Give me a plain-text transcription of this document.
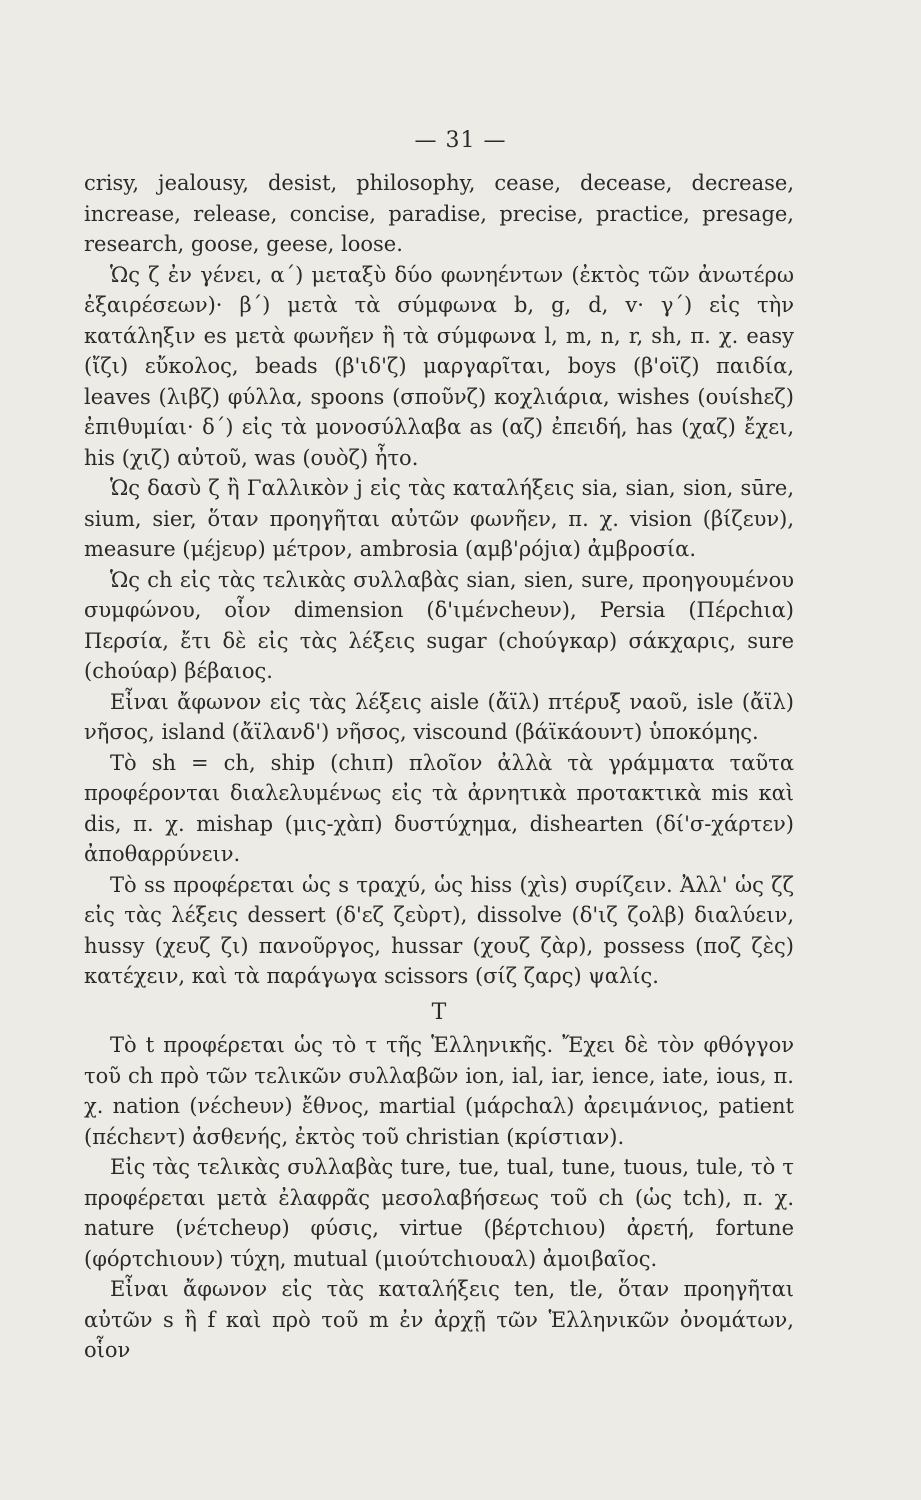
— 31 —

crisy, jealousy, desist, philosophy, cease, decease, decrease, increase, release, concise, paradise, precise, practice, presage, research, goose, geese, loose.

Ὡς ζ ἐν γένει, α΄) μεταξὺ δύο φωνηέντων (ἐκτὸς τῶν ἀνωτέρω ἐξαιρέσεων)· β΄) μετὰ τὰ σύμφωνα b, g, d, v· γ΄) εἰς τὴν κατάληξιν es μετὰ φωνῆεν ἢ τὰ σύμφωνα l, m, n, r, sh, π. χ. easy (ἴζι) εὔκολος, beads (β'ιδ'ζ) μαργαρῖται, boys (β'οϊζ) παιδία, leaves (λιβζ) φύλλα, spoons (σποῦνζ) κοχλιάρια, wishes (ουίshεζ) ἐπιθυμίαι· δ΄) εἰς τὰ μονοσύλλαβα as (αζ) ἐπειδή, has (χαζ) ἔχει, his (χιζ) αὐτοῦ, was (ουὸζ) ἦτο.

Ὡς δασὺ ζ ἢ Γαλλικὸν j εἰς τὰς καταλήξεις sia, sian, sion, sūre, sium, sier, ὅταν προηγῆται αὐτῶν φωνῆεν, π. χ. vision (βίζευν), measure (μέjευρ) μέτρον, ambrosia (αμβ'ρόjια) ἀμβροσία.

Ὡς ch εἰς τὰς τελικὰς συλλαβὰς sian, sien, sure, προηγουμένου συμφώνου, οἷον dimension (δ'ιμένcheυν), Persia (Πέρchια) Περσία, ἔτι δὲ εἰς τὰς λέξεις sugar (choύγκαρ) σάκχαρις, sure (choύαρ) βέβαιος.

Εἶναι ἄφωνον εἰς τὰς λέξεις aisle (ἄϊλ) πτέρυξ ναοῦ, isle (ἄϊλ) νῆσος, island (ἄϊλανδ') νῆσος, viscound (βάϊκάουντ) ὑποκόμης.

Τὸ sh = ch, ship (chιπ) πλοῖον ἀλλὰ τὰ γράμματα ταῦτα προφέρονται διαλελυμένως εἰς τὰ ἀρνητικὰ προτακτικὰ mis καὶ dis, π. χ. mishap (μις-χὰπ) δυστύχημα, dishearten (δί'σ-χάρτεν) ἀποθαρρύνειν.

Τὸ ss προφέρεται ὡς s τραχύ, ὡς hiss (χὶs) συρίζειν. Ἀλλ' ὡς ζζ εἰς τὰς λέξεις dessert (δ'εζ ζεὺρτ), dissolve (δ'ιζ ζολβ) διαλύειν, hussy (χευζ ζι) πανοῦργος, hussar (χουζ ζὰρ), possess (ποζ ζὲς) κατέχειν, καὶ τὰ παράγωγα scissors (σίζ ζαρς) ψαλίς.

T

Τὸ t προφέρεται ὡς τὸ τ τῆς Ἑλληνικῆς. Ἔχει δὲ τὸν φθόγγον τοῦ ch πρὸ τῶν τελικῶν συλλαβῶν ion, ial, iar, ience, iate, ious, π. χ. nation (νέcheυν) ἔθνος, martial (μάρchαλ) ἀρειμάνιος, patient (πέchεντ) ἀσθενής, ἐκτὸς τοῦ christian (κρίστιαν).

Εἰς τὰς τελικὰς συλλαβὰς ture, tue, tual, tune, tuous, tule, τὸ τ προφέρεται μετὰ ἐλαφρᾶς μεσολαβήσεως τοῦ ch (ὡς tch), π. χ. nature (νέτcheυρ) φύσις, virtue (βέρτchιου) ἀρετή, fortune (φόρτchιουν) τύχη, mutual (μιούτchιουαλ) ἀμοιβαῖος.

Εἶναι ἄφωνον εἰς τὰς καταλήξεις ten, tle, ὅταν προηγῆται αὐτῶν s ἢ f καὶ πρὸ τοῦ m ἐν ἀρχῇ τῶν Ἑλληνικῶν ὀνομάτων, οἷον
